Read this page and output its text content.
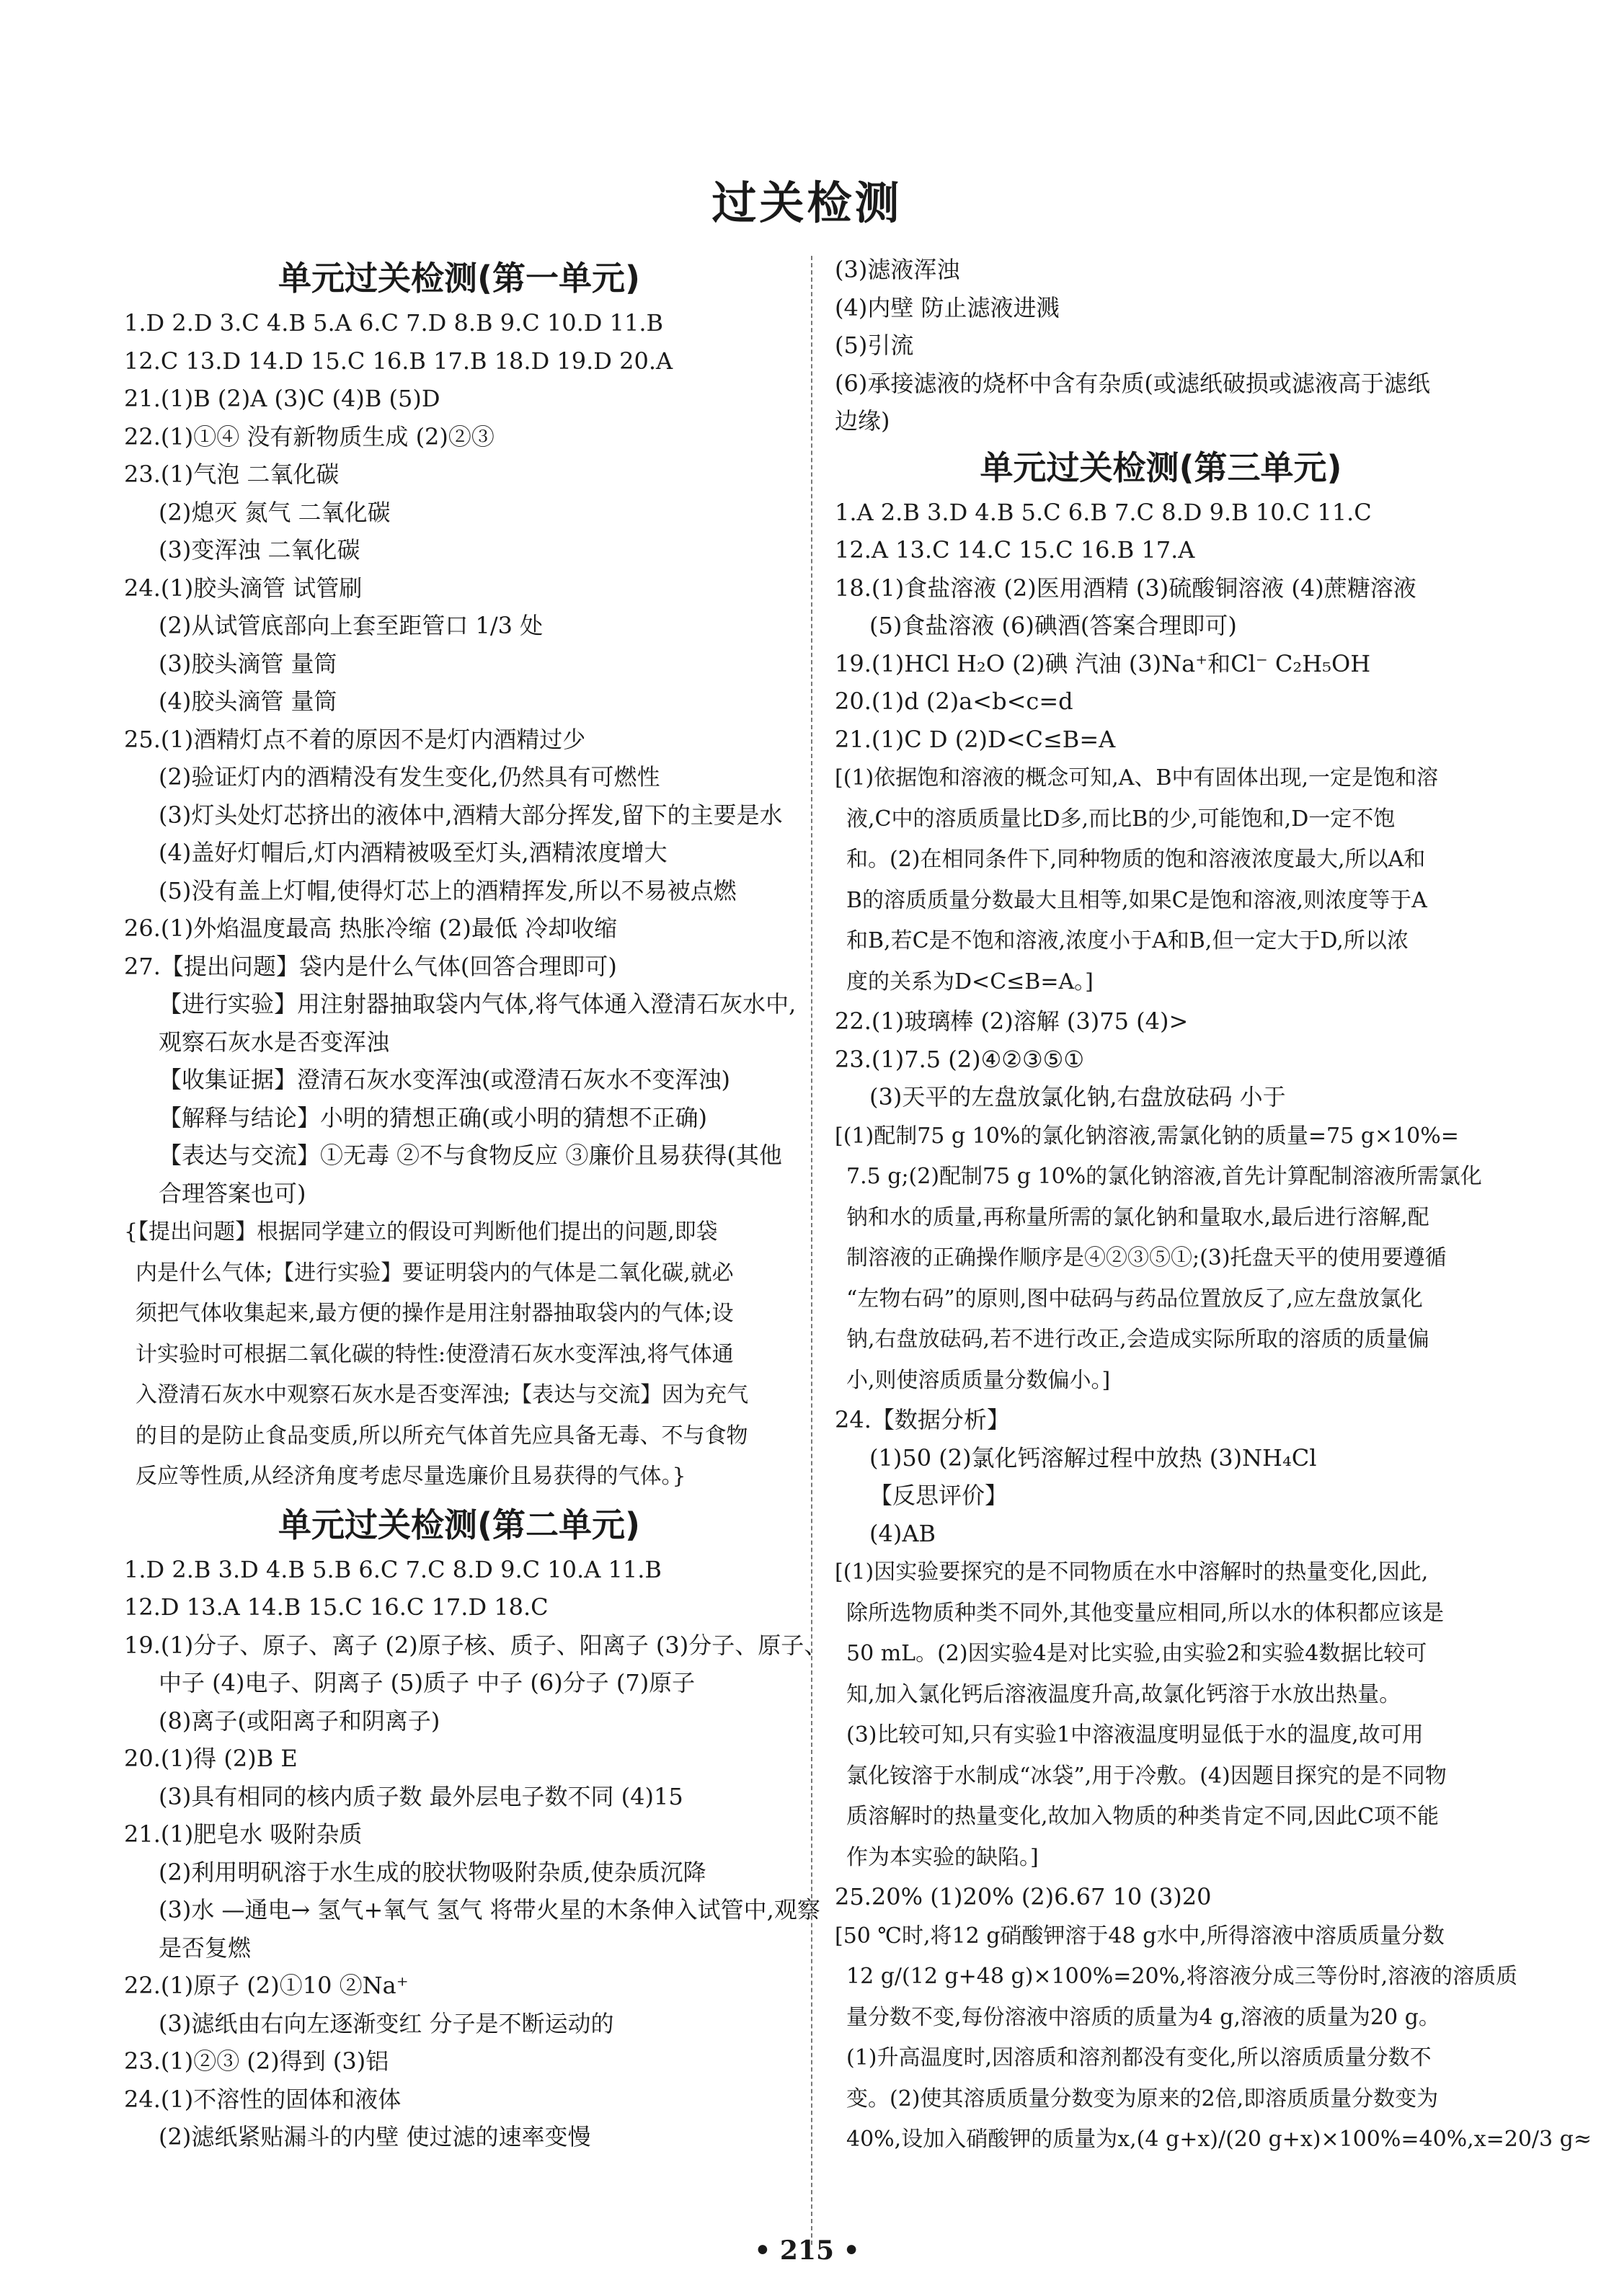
过关检测
单元过关检测(第一单元)
1.D 2.D 3.C 4.B 5.A 6.C 7.D 8.B 9.C 10.D 11.B
12.C 13.D 14.D 15.C 16.B 17.B 18.D 19.D 20.A
21.(1)B (2)A (3)C (4)B (5)D
22.(1)①④ 没有新物质生成 (2)②③
23.(1)气泡 二氧化碳
(2)熄灭 氮气 二氧化碳
(3)变浑浊 二氧化碳
24.(1)胶头滴管 试管刷
(2)从试管底部向上套至距管口 1/3 处
(3)胶头滴管 量筒
(4)胶头滴管 量筒
25.(1)酒精灯点不着的原因不是灯内酒精过少
(2)验证灯内的酒精没有发生变化,仍然具有可燃性
(3)灯头处灯芯挤出的液体中,酒精大部分挥发,留下的主要是水
(4)盖好灯帽后,灯内酒精被吸至灯头,酒精浓度增大
(5)没有盖上灯帽,使得灯芯上的酒精挥发,所以不易被点燃
26.(1)外焰温度最高 热胀冷缩 (2)最低 冷却收缩
27.【提出问题】袋内是什么气体(回答合理即可)
【进行实验】用注射器抽取袋内气体,将气体通入澄清石灰水中,
观察石灰水是否变浑浊
【收集证据】澄清石灰水变浑浊(或澄清石灰水不变浑浊)
【解释与结论】小明的猜想正确(或小明的猜想不正确)
【表达与交流】①无毒 ②不与食物反应 ③廉价且易获得(其他
合理答案也可)
{【提出问题】根据同学建立的假设可判断他们提出的问题,即袋
内是什么气体;【进行实验】要证明袋内的气体是二氧化碳,就必
须把气体收集起来,最方便的操作是用注射器抽取袋内的气体;设
计实验时可根据二氧化碳的特性:使澄清石灰水变浑浊,将气体通
入澄清石灰水中观察石灰水是否变浑浊;【表达与交流】因为充气
的目的是防止食品变质,所以所充气体首先应具备无毒、不与食物
反应等性质,从经济角度考虑尽量选廉价且易获得的气体。}
单元过关检测(第二单元)
1.D 2.B 3.D 4.B 5.B 6.C 7.C 8.D 9.C 10.A 11.B
12.D 13.A 14.B 15.C 16.C 17.D 18.C
19.(1)分子、原子、离子 (2)原子核、质子、阳离子 (3)分子、原子、
中子 (4)电子、阴离子 (5)质子 中子 (6)分子 (7)原子
(8)离子(或阳离子和阴离子)
20.(1)得 (2)B E
(3)具有相同的核内质子数 最外层电子数不同 (4)15
21.(1)肥皂水 吸附杂质
(2)利用明矾溶于水生成的胶状物吸附杂质,使杂质沉降
(3)水 —通电→ 氢气+氧气 氢气 将带火星的木条伸入试管中,观察
是否复燃
22.(1)原子 (2)①10 ②Na⁺
(3)滤纸由右向左逐渐变红 分子是不断运动的
23.(1)②③ (2)得到 (3)铝
24.(1)不溶性的固体和液体
(2)滤纸紧贴漏斗的内壁 使过滤的速率变慢
(3)滤液浑浊
(4)内壁 防止滤液进溅
(5)引流
(6)承接滤液的烧杯中含有杂质(或滤纸破损或滤液高于滤纸
边缘)
单元过关检测(第三单元)
1.A 2.B 3.D 4.B 5.C 6.B 7.C 8.D 9.B 10.C 11.C
12.A 13.C 14.C 15.C 16.B 17.A
18.(1)食盐溶液 (2)医用酒精 (3)硫酸铜溶液 (4)蔗糖溶液
(5)食盐溶液 (6)碘酒(答案合理即可)
19.(1)HCl H₂O (2)碘 汽油 (3)Na⁺和Cl⁻ C₂H₅OH
20.(1)d (2)a<b<c=d
21.(1)C D (2)D<C≤B=A
[(1)依据饱和溶液的概念可知,A、B中有固体出现,一定是饱和溶
液,C中的溶质质量比D多,而比B的少,可能饱和,D一定不饱
和。(2)在相同条件下,同种物质的饱和溶液浓度最大,所以A和
B的溶质质量分数最大且相等,如果C是饱和溶液,则浓度等于A
和B,若C是不饱和溶液,浓度小于A和B,但一定大于D,所以浓
度的关系为D<C≤B=A。]
22.(1)玻璃棒 (2)溶解 (3)75 (4)>
23.(1)7.5 (2)④②③⑤①
(3)天平的左盘放氯化钠,右盘放砝码 小于
[(1)配制75 g 10%的氯化钠溶液,需氯化钠的质量=75 g×10%=
7.5 g;(2)配制75 g 10%的氯化钠溶液,首先计算配制溶液所需氯化
钠和水的质量,再称量所需的氯化钠和量取水,最后进行溶解,配
制溶液的正确操作顺序是④②③⑤①;(3)托盘天平的使用要遵循
“左物右码”的原则,图中砝码与药品位置放反了,应左盘放氯化
钠,右盘放砝码,若不进行改正,会造成实际所取的溶质的质量偏
小,则使溶质质量分数偏小。]
24.【数据分析】
(1)50 (2)氯化钙溶解过程中放热 (3)NH₄Cl
【反思评价】
(4)AB
[(1)因实验要探究的是不同物质在水中溶解时的热量变化,因此,
除所选物质种类不同外,其他变量应相同,所以水的体积都应该是
50 mL。(2)因实验4是对比实验,由实验2和实验4数据比较可
知,加入氯化钙后溶液温度升高,故氯化钙溶于水放出热量。
(3)比较可知,只有实验1中溶液温度明显低于水的温度,故可用
氯化铵溶于水制成“冰袋”,用于冷敷。(4)因题目探究的是不同物
质溶解时的热量变化,故加入物质的种类肯定不同,因此C项不能
作为本实验的缺陷。]
25.20% (1)20% (2)6.67 10 (3)20
[50 ℃时,将12 g硝酸钾溶于48 g水中,所得溶液中溶质质量分数
12 g/(12 g+48 g)×100%=20%,将溶液分成三等份时,溶液的溶质质
量分数不变,每份溶液中溶质的质量为4 g,溶液的质量为20 g。
(1)升高温度时,因溶质和溶剂都没有变化,所以溶质质量分数不
变。(2)使其溶质质量分数变为原来的2倍,即溶质质量分数变为
40%,设加入硝酸钾的质量为x,(4 g+x)/(20 g+x)×100%=40%,x=20/3 g≈
• 215 •
